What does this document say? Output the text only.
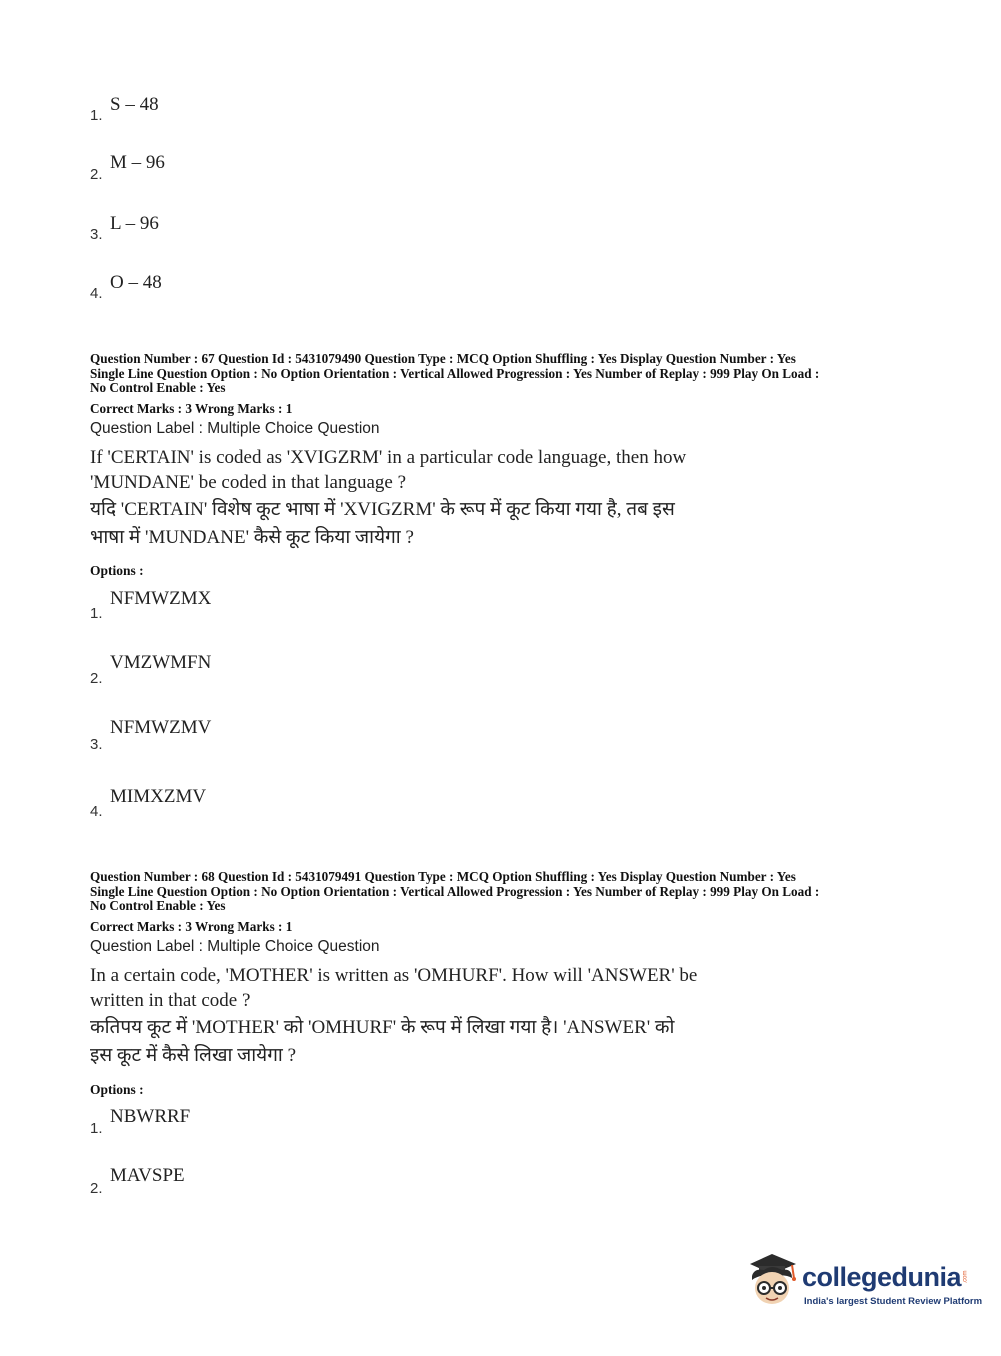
1.
S – 48
2.
M – 96
3.
L – 96
4.
O – 48
Question Number : 67 Question Id : 5431079490 Question Type : MCQ Option Shuffling : Yes Display Question Number : Yes
Single Line Question Option : No Option Orientation : Vertical Allowed Progression : Yes Number of Replay : 999 Play On Load :
No Control Enable : Yes
Correct Marks : 3 Wrong Marks : 1
Question Label : Multiple Choice Question
If 'CERTAIN' is coded as 'XVIGZRM' in a particular code language, then how
'MUNDANE' be coded in that language ?
यदि 'CERTAIN' विशेष कूट भाषा में 'XVIGZRM' के रूप में कूट किया गया है, तब इस
भाषा में 'MUNDANE' कैसे कूट किया जायेगा ?
Options :
1.
NFMWZMX
2.
VMZWMFN
3.
NFMWZMV
4.
MIMXZMV
Question Number : 68 Question Id : 5431079491 Question Type : MCQ Option Shuffling : Yes Display Question Number : Yes
Single Line Question Option : No Option Orientation : Vertical Allowed Progression : Yes Number of Replay : 999 Play On Load :
No Control Enable : Yes
Correct Marks : 3 Wrong Marks : 1
Question Label : Multiple Choice Question
In a certain code, 'MOTHER' is written as 'OMHURF'. How will 'ANSWER' be
written in that code ?
कतिपय कूट में 'MOTHER' को 'OMHURF' के रूप में लिखा गया है। 'ANSWER' को
इस कूट में कैसे लिखा जायेगा ?
Options :
1.
NBWRRF
2.
MAVSPE
collegedunia .com
India's largest Student Review Platform
